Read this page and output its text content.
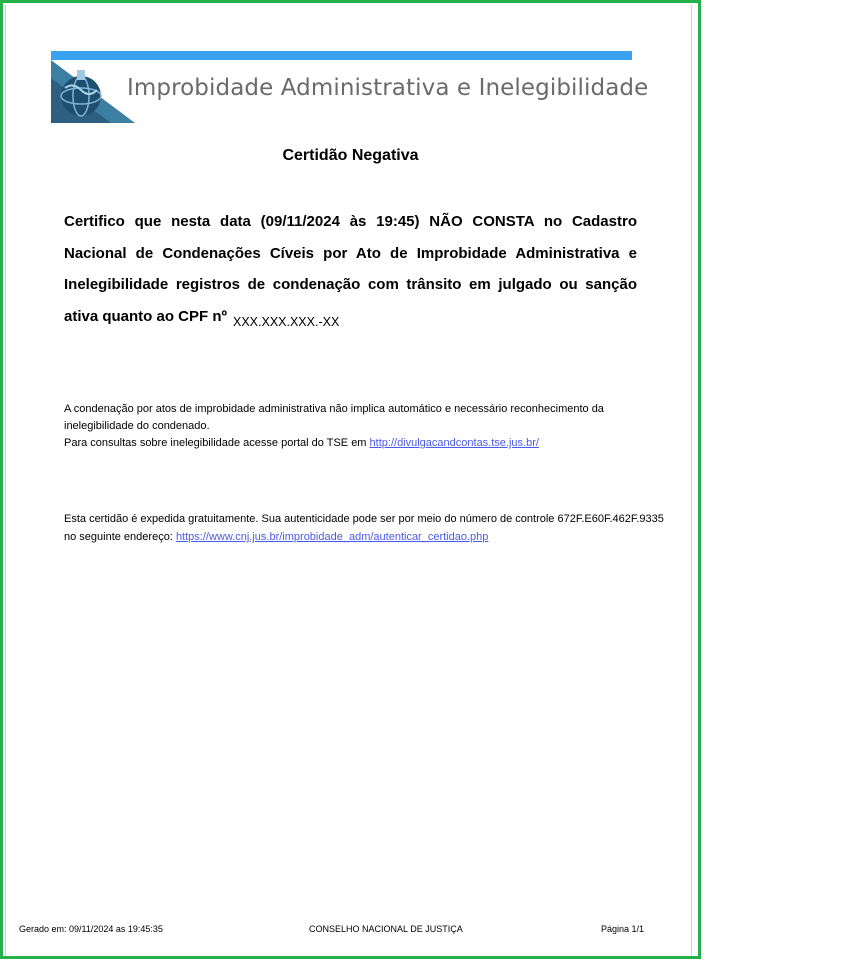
Improbidade Administrativa e Inelegibilidade
Certidão Negativa
Certifico que nesta data (09/11/2024 às 19:45) NÃO CONSTA no Cadastro Nacional de Condenações Cíveis por Ato de Improbidade Administrativa e Inelegibilidade registros de condenação com trânsito em julgado ou sanção ativa quanto ao CPF nº $_{XXX.XXX.XXX.-XX}$
A condenação por atos de improbidade administrativa não implica automático e necessário reconhecimento da inelegibilidade do condenado.
Para consultas sobre inelegibilidade acesse portal do TSE em http://divulgacandcontas.tse.jus.br/
Esta certidão é expedida gratuitamente. Sua autenticidade pode ser por meio do número de controle 672F.E60F.462F.9335 no seguinte endereço: https://www.cnj.jus.br/improbidade_adm/autenticar_certidao.php
Gerado em: 09/11/2024 as 19:45:35	CONSELHO NACIONAL DE JUSTIÇA	Página 1/1
